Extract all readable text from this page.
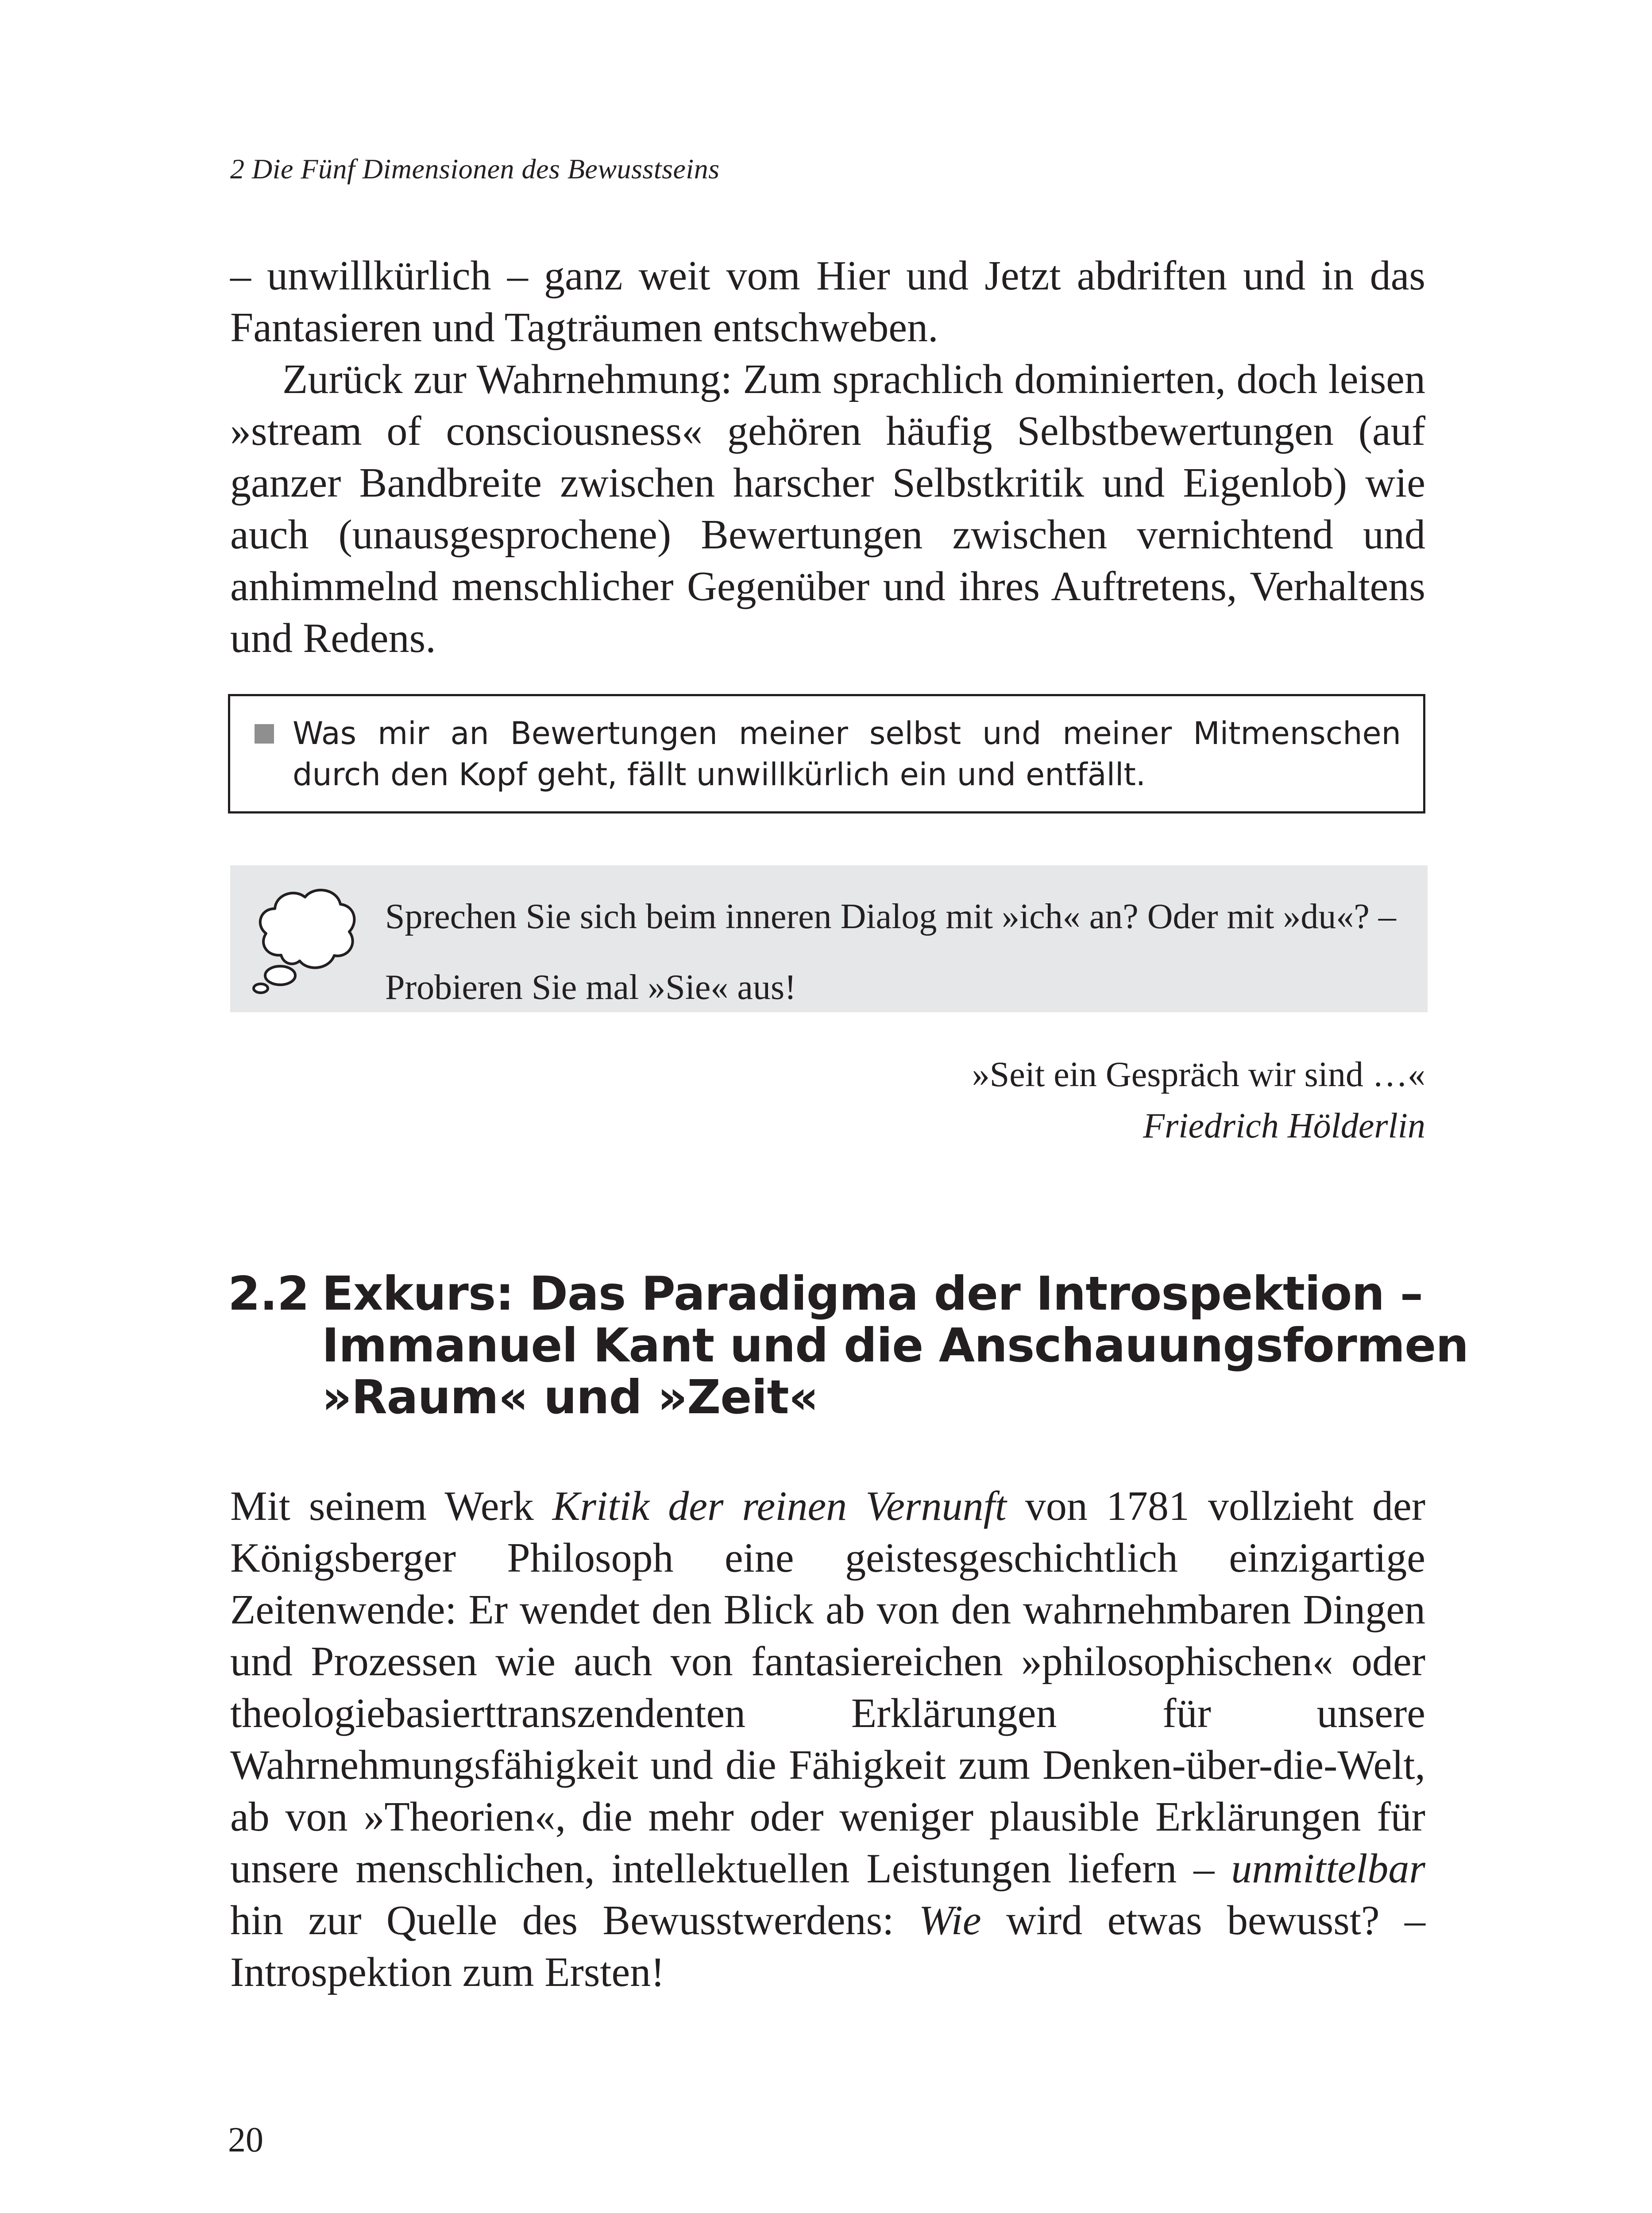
2 Die Fünf Dimensionen des Bewusstseins

– unwillkürlich – ganz weit vom Hier und Jetzt abdriften und in das Fantasieren und Tagträumen entschweben.

Zurück zur Wahrnehmung: Zum sprachlich dominierten, doch leisen »stream of consciousness« gehören häufig Selbstbewertungen (auf ganzer Bandbreite zwischen harscher Selbstkritik und Eigenlob) wie auch (unausgesprochene) Bewertungen zwischen vernichtend und anhimmelnd menschlicher Gegenüber und ihres Auftretens, Verhaltens und Redens.

Was mir an Bewertungen meiner selbst und meiner Mitmenschen durch den Kopf geht, fällt unwillkürlich ein und entfällt.
Sprechen Sie sich beim inneren Dialog mit »ich« an? Oder mit »du«? –
Probieren Sie mal »Sie« aus!
»Seit ein Gespräch wir sind …«
Friedrich Hölderlin
2.2 Exkurs: Das Paradigma der Introspektion –
Immanuel Kant und die Anschauungsformen
»Raum« und »Zeit«

Mit seinem Werk Kritik der reinen Vernunft von 1781 vollzieht der Königsberger Philosoph eine geistesgeschichtlich einzigartige Zeitenwende: Er wendet den Blick ab von den wahrnehmbaren Dingen und Prozessen wie auch von fantasiereichen »philosophischen« oder theologiebasierttranszendenten Erklärungen für unsere Wahrnehmungsfähigkeit und die Fähigkeit zum Denken-über-die-Welt, ab von »Theorien«, die mehr oder weniger plausible Erklärungen für unsere menschlichen, intellektuellen Leistungen liefern – unmittelbar hin zur Quelle des Bewusstwerdens: Wie wird etwas bewusst? – Introspektion zum Ersten!

20
